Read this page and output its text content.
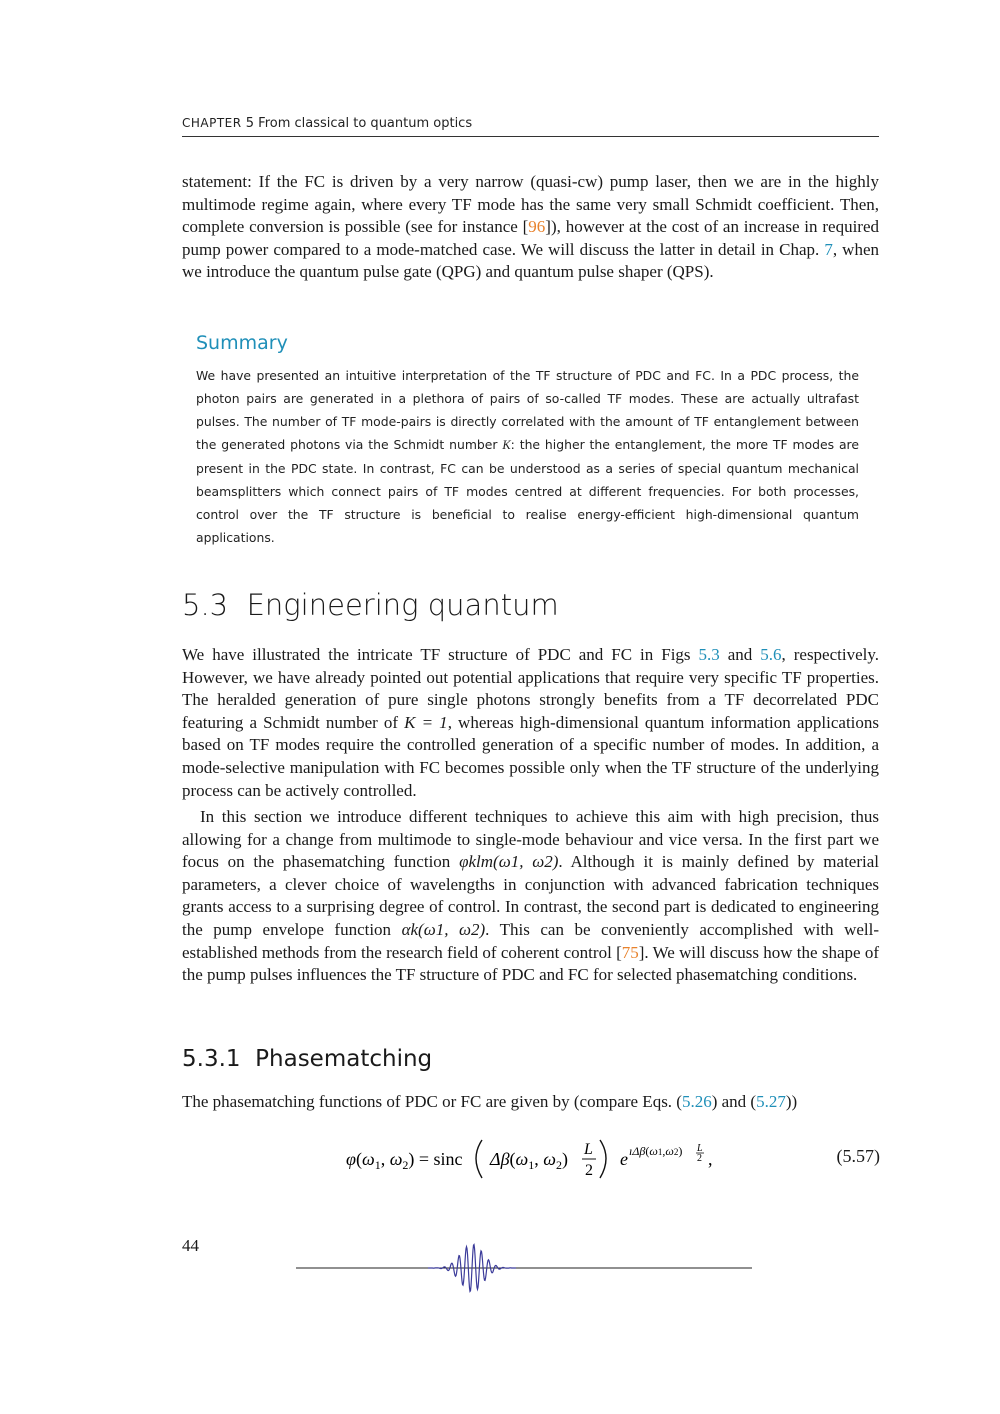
CHAPTER 5 From classical to quantum optics
statement: If the FC is driven by a very narrow (quasi-cw) pump laser, then we are in the highly multimode regime again, where every TF mode has the same very small Schmidt coefficient. Then, complete conversion is possible (see for instance [96]), however at the cost of an increase in required pump power compared to a mode-matched case. We will discuss the latter in detail in Chap. 7, when we introduce the quantum pulse gate (QPG) and quantum pulse shaper (QPS).
Summary
We have presented an intuitive interpretation of the TF structure of PDC and FC. In a PDC process, the photon pairs are generated in a plethora of pairs of so-called TF modes. These are actually ultrafast pulses. The number of TF mode-pairs is directly correlated with the amount of TF entanglement between the generated photons via the Schmidt number K: the higher the entanglement, the more TF modes are present in the PDC state. In contrast, FC can be understood as a series of special quantum mechanical beamsplitters which connect pairs of TF modes centred at different frequencies. For both processes, control over the TF structure is beneficial to realise energy-efficient high-dimensional quantum applications.
5.3 Engineering quantum
We have illustrated the intricate TF structure of PDC and FC in Figs 5.3 and 5.6, respectively. However, we have already pointed out potential applications that require very specific TF properties. The heralded generation of pure single photons strongly benefits from a TF decorrelated PDC featuring a Schmidt number of K = 1, whereas high-dimensional quantum information applications based on TF modes require the controlled generation of a specific number of modes. In addition, a mode-selective manipulation with FC becomes possible only when the TF structure of the underlying process can be actively controlled.
In this section we introduce different techniques to achieve this aim with high precision, thus allowing for a change from multimode to single-mode behaviour and vice versa. In the first part we focus on the phasematching function φklm(ω1, ω2). Although it is mainly defined by material parameters, a clever choice of wavelengths in conjunction with advanced fabrication techniques grants access to a surprising degree of control. In contrast, the second part is dedicated to engineering the pump envelope function αk(ω1, ω2). This can be conveniently accomplished with well-established methods from the research field of coherent control [75]. We will discuss how the shape of the pump pulses influences the TF structure of PDC and FC for selected phasematching conditions.
5.3.1 Phasematching
The phasematching functions of PDC or FC are given by (compare Eqs. (5.26) and (5.27))
$\varphi(\omega_1$, $\omega_2) = \sin c$ $\Delta\beta(\omega_1$, $\omega_2$) L
2
e ıΔβ(ω1,ω2) L
2 ,	(5.57)
44
